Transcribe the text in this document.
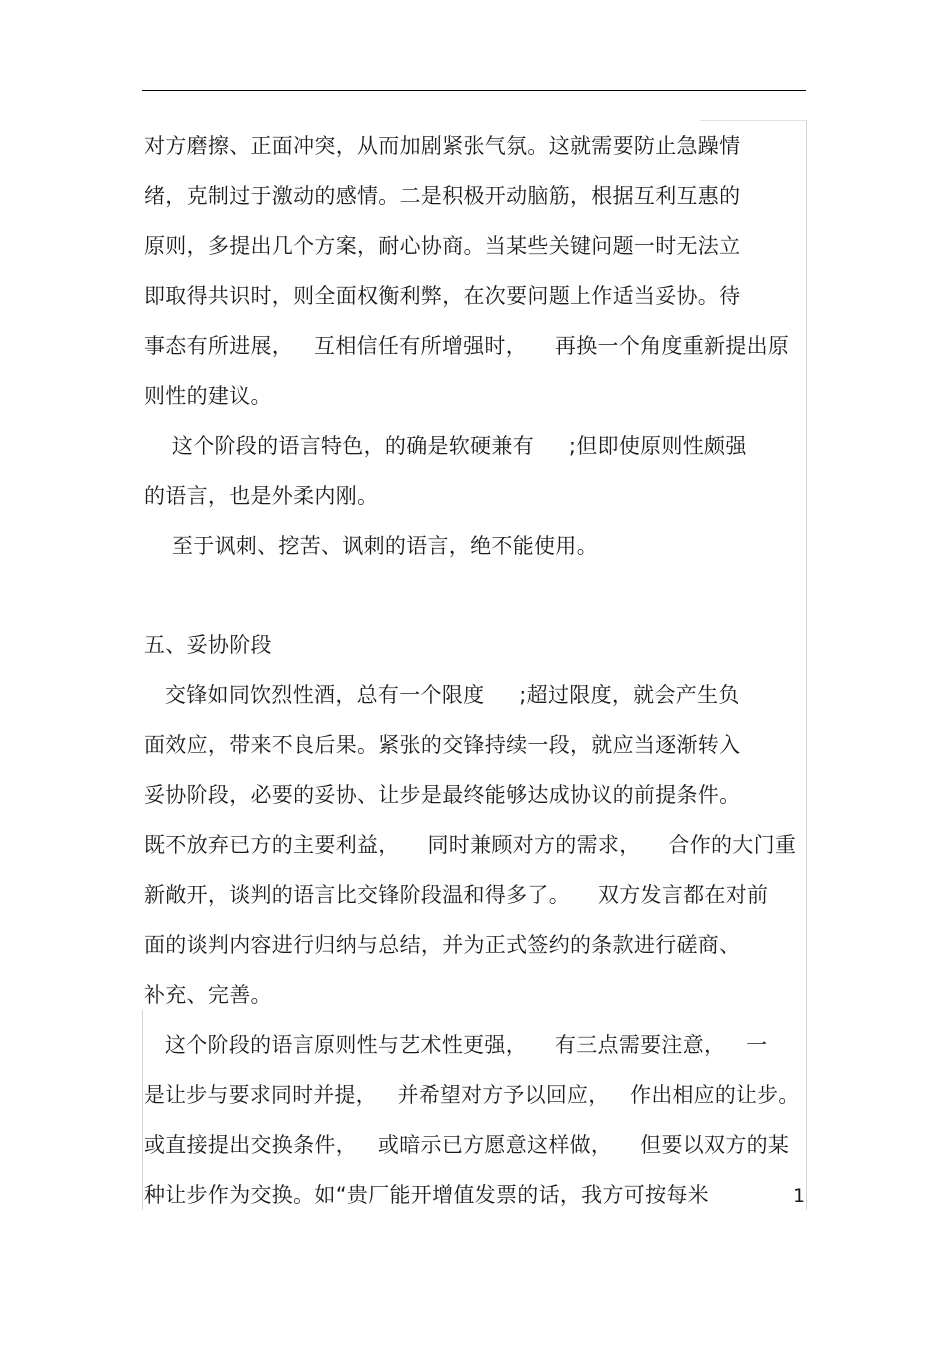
对方磨擦、正面冲突，从而加剧紧张气氛。这就需要防止急躁情
绪，克制过于激动的感情。二是积极开动脑筋，根据互利互惠的
原则，多提出几个方案，耐心协商。当某些关键问题一时无法立
即取得共识时，则全面权衡利弊，在次要问题上作适当妥协。待
事态有所进展，   互相信任有所增强时，    再换一个角度重新提出原
则性的建议。
这个阶段的语言特色，的确是软硬兼有     ;但即使原则性颇强
的语言，也是外柔内刚。
至于讽刺、挖苦、讽刺的语言，绝不能使用。
五、妥协阶段
交锋如同饮烈性酒，总有一个限度     ;超过限度，就会产生负
面效应，带来不良后果。紧张的交锋持续一段，就应当逐渐转入
妥协阶段，必要的妥协、让步是最终能够达成协议的前提条件。
既不放弃已方的主要利益，    同时兼顾对方的需求，    合作的大门重
新敞开，谈判的语言比交锋阶段温和得多了。    双方发言都在对前
面的谈判内容进行归纳与总结，并为正式签约的条款进行磋商、
补充、完善。
这个阶段的语言原则性与艺术性更强，    有三点需要注意，   一
是让步与要求同时并提，   并希望对方予以回应，   作出相应的让步。
或直接提出交换条件，   或暗示已方愿意这样做，    但要以双方的某
种让步作为交换。如“贵厂能开增值发票的话，我方可按每米	1
